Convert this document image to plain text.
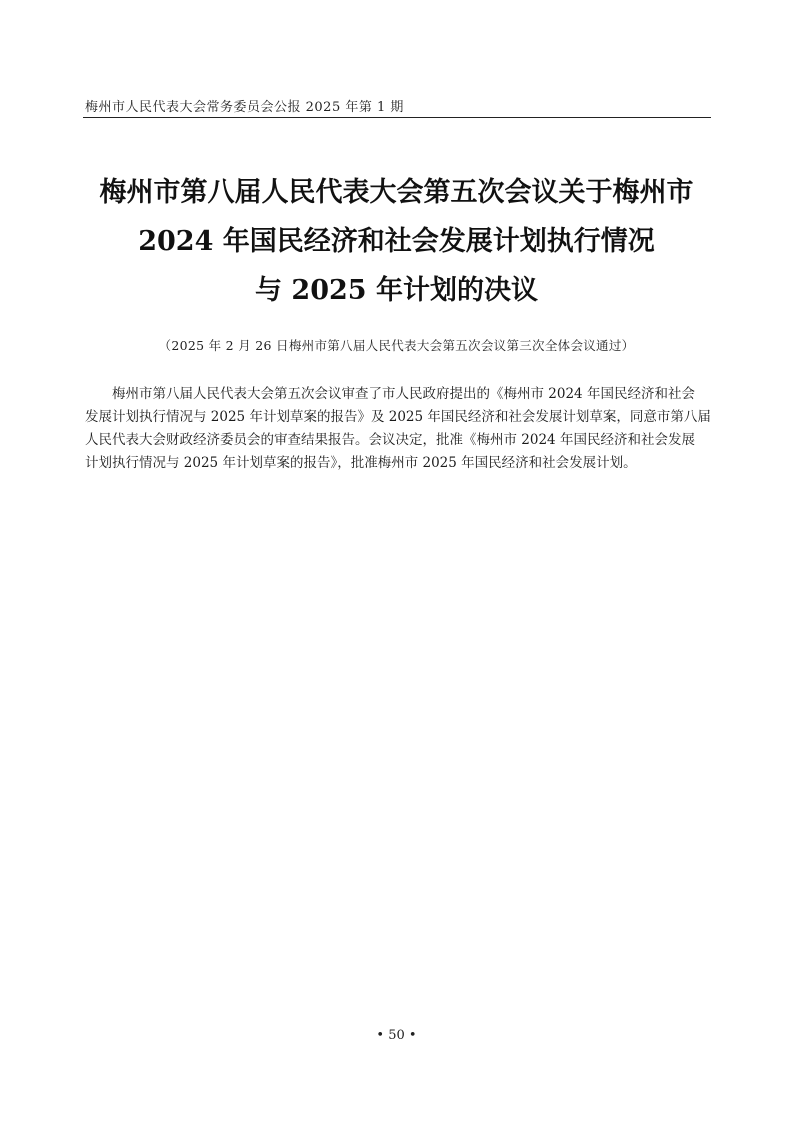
梅州市人民代表大会常务委员会公报 2025 年第 1 期
梅州市第八届人民代表大会第五次会议关于梅州市
2024 年国民经济和社会发展计划执行情况
与 2025 年计划的决议
（2025 年 2 月 26 日梅州市第八届人民代表大会第五次会议第三次全体会议通过）
梅州市第八届人民代表大会第五次会议审查了市人民政府提出的《梅州市 2024 年国民经济和社会
发展计划执行情况与 2025 年计划草案的报告》及 2025 年国民经济和社会发展计划草案，同意市第八届
人民代表大会财政经济委员会的审查结果报告。会议决定，批准《梅州市 2024 年国民经济和社会发展
计划执行情况与 2025 年计划草案的报告》，批准梅州市 2025 年国民经济和社会发展计划。
• 50 •
